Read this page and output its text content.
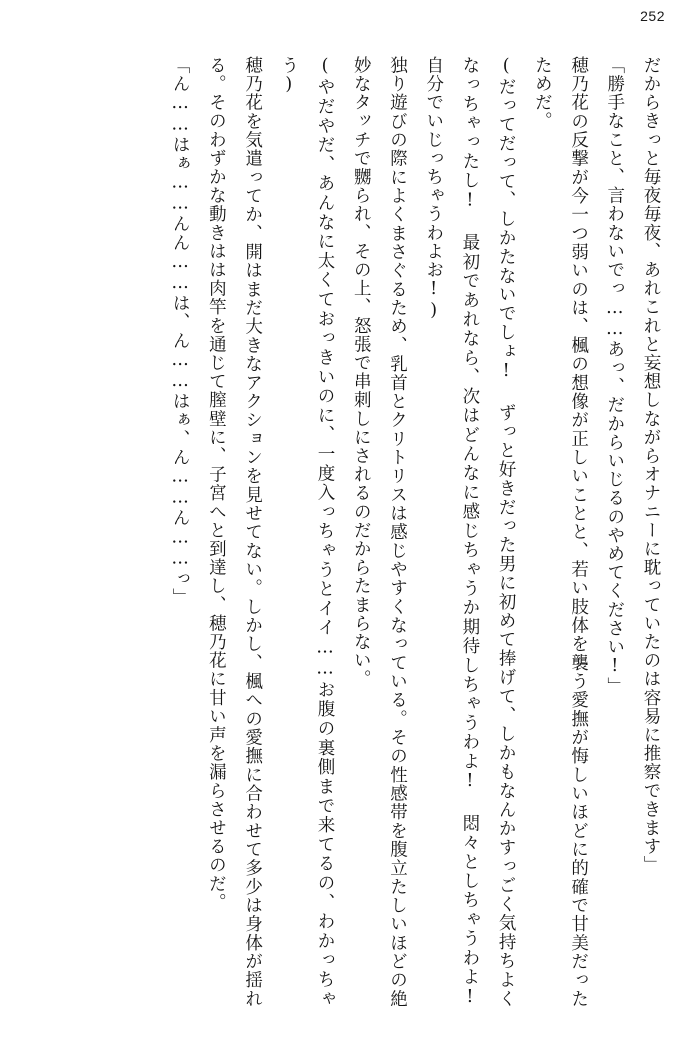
252

だからきっと毎夜毎夜、あれこれと妄想しながらオナニーに耽っていたのは容易に推察できます」

「勝手なこと、言わないでっ……あっ、だからいじるのやめてください!」

穂乃花の反撃が今一つ弱いのは、楓の想像が正しいことと、若い肢体を襲う愛撫が悔しいほどに的確で甘美だったためだ。

(だってだって、しかたないでしょ! ずっと好きだった男に初めて捧げて、しかもなんかすっごく気持ちよくなっちゃったし! 最初であれなら、次はどんなに感じちゃうか期待しちゃうわよ! 悶々としちゃうわよ! 自分でいじっちゃうわよお!)

独り遊びの際によくまさぐるため、乳首とクリトリスは感じやすくなっている。その性感帯を腹立たしいほどの絶妙なタッチで嬲られ、その上、怒張で串刺しにされるのだからたまらない。

(やだやだ、あんなに太くておっきいのに、一度入っちゃうとイイ……お腹の裏側まで来てるの、わかっちゃう)

穂乃花を気遣ってか、開はまだ大きなアクションを見せてない。しかし、楓への愛撫に合わせて多少は身体が揺れる。そのわずかな動きはは肉竿を通じて膣壁に、子宮へと到達し、穂乃花に甘い声を漏らさせるのだ。

「ん……はぁ……んん……は、ん……はぁ、ん……ん……っ」
